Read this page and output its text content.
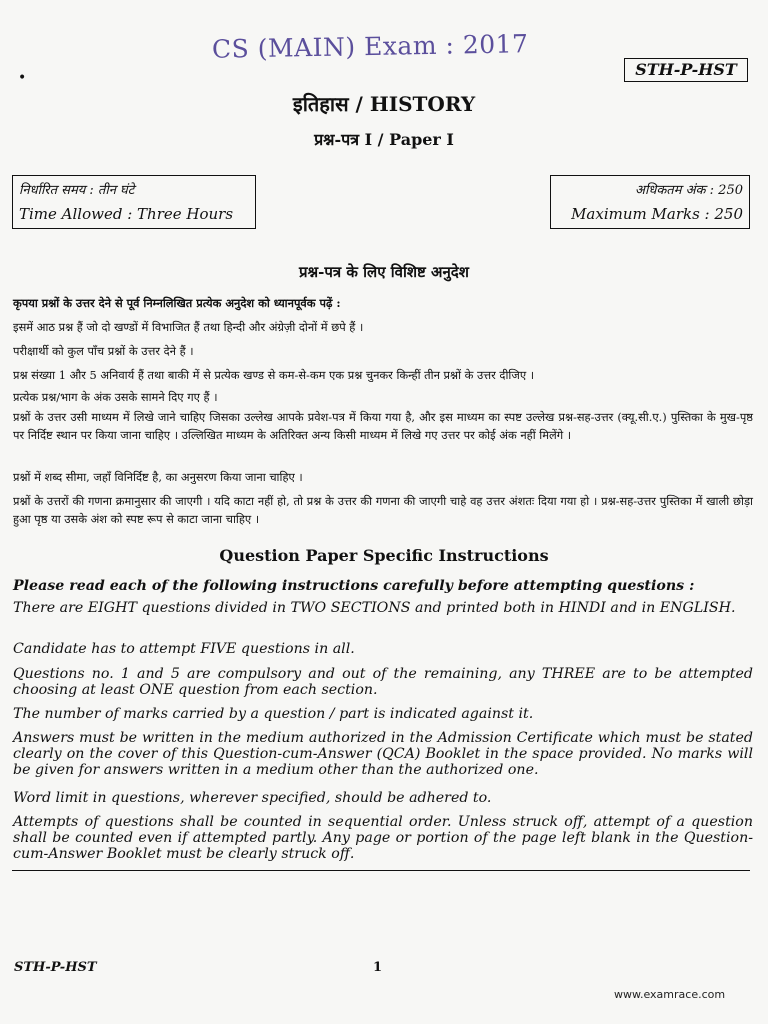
CS (MAIN) Exam : 2017
•	STH-P-HST
इतिहास / HISTORY
प्रश्न-पत्र I / Paper I
निर्धारित समय : तीन घंटे
Time Allowed : Three Hours
अधिकतम अंक : 250
Maximum Marks : 250
प्रश्न-पत्र के लिए विशिष्ट अनुदेश
कृपया प्रश्नों के उत्तर देने से पूर्व निम्नलिखित प्रत्येक अनुदेश को ध्यानपूर्वक पढ़ें :
इसमें आठ प्रश्न हैं जो दो खण्डों में विभाजित हैं तथा हिन्दी और अंग्रेज़ी दोनों में छपे हैं ।
परीक्षार्थी को कुल पाँच प्रश्नों के उत्तर देने हैं ।
प्रश्न संख्या 1 और 5 अनिवार्य हैं तथा बाकी में से प्रत्येक खण्ड से कम-से-कम एक प्रश्न चुनकर किन्हीं तीन प्रश्नों के उत्तर दीजिए ।
प्रत्येक प्रश्न/भाग के अंक उसके सामने दिए गए हैं ।
प्रश्नों के उत्तर उसी माध्यम में लिखे जाने चाहिए जिसका उल्लेख आपके प्रवेश-पत्र में किया गया है, और इस माध्यम का स्पष्ट उल्लेख प्रश्न-सह-उत्तर (क्यू.सी.ए.) पुस्तिका के मुख-पृष्ठ पर निर्दिष्ट स्थान पर किया जाना चाहिए । उल्लिखित माध्यम के अतिरिक्त अन्य किसी माध्यम में लिखे गए उत्तर पर कोई अंक नहीं मिलेंगे ।
प्रश्नों में शब्द सीमा, जहाँ विनिर्दिष्ट है, का अनुसरण किया जाना चाहिए ।
प्रश्नों के उत्तरों की गणना क्रमानुसार की जाएगी । यदि काटा नहीं हो, तो प्रश्न के उत्तर की गणना की जाएगी चाहे वह उत्तर अंशतः दिया गया हो । प्रश्न-सह-उत्तर पुस्तिका में खाली छोड़ा हुआ पृष्ठ या उसके अंश को स्पष्ट रूप से काटा जाना चाहिए ।
Question Paper Specific Instructions
Please read each of the following instructions carefully before attempting questions :
There are EIGHT questions divided in TWO SECTIONS and printed both in HINDI and in ENGLISH.
Candidate has to attempt FIVE questions in all.
Questions no. 1 and 5 are compulsory and out of the remaining, any THREE are to be attempted choosing at least ONE question from each section.
The number of marks carried by a question / part is indicated against it.
Answers must be written in the medium authorized in the Admission Certificate which must be stated clearly on the cover of this Question-cum-Answer (QCA) Booklet in the space provided. No marks will be given for answers written in a medium other than the authorized one.
Word limit in questions, wherever specified, should be adhered to.
Attempts of questions shall be counted in sequential order. Unless struck off, attempt of a question shall be counted even if attempted partly. Any page or portion of the page left blank in the Question-cum-Answer Booklet must be clearly struck off.
STH-P-HST	1
www.examrace.com
